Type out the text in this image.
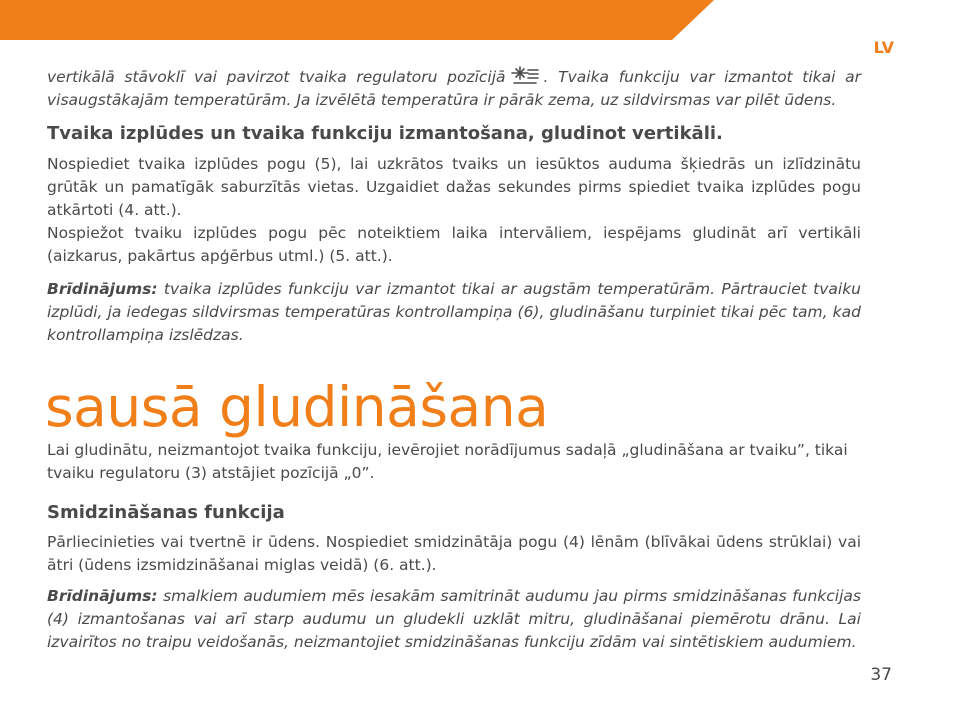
LV

vertikālā stāvoklī vai pavirzot tvaika regulatoru pozīcijā . Tvaika funkciju var izmantot tikai ar visaugstākajām temperatūrām. Ja izvēlētā temperatūra ir pārāk zema, uz sildvirsmas var pilēt ūdens.

Tvaika izplūdes un tvaika funkciju izmantošana, gludinot vertikāli.

Nospiediet tvaika izplūdes pogu (5), lai uzkrātos tvaiks un iesūktos auduma šķiedrās un izlīdzinātu grūtāk un pamatīgāk saburzītās vietas. Uzgaidiet dažas sekundes pirms spiediet tvaika izplūdes pogu atkārtoti (4. att.).

Nospiežot tvaiku izplūdes pogu pēc noteiktiem laika intervāliem, iespējams gludināt arī vertikāli (aizkarus, pakārtus apģērbus utml.) (5. att.).

Brīdinājums: tvaika izplūdes funkciju var izmantot tikai ar augstām temperatūrām. Pārtrauciet tvaiku izplūdi, ja iedegas sildvirsmas temperatūras kontrollampiņa (6), gludināšanu turpiniet tikai pēc tam, kad kontrollampiņa izslēdzas.

sausā gludināšana

Lai gludinātu, neizmantojot tvaika funkciju, ievērojiet norādījumus sadaļā „gludināšana ar tvaiku”, tikai tvaiku regulatoru (3) atstājiet pozīcijā „0”.

Smidzināšanas funkcija

Pārliecinieties vai tvertnē ir ūdens. Nospiediet smidzinātāja pogu (4) lēnām (blīvākai ūdens strūklai) vai ātri (ūdens izsmidzināšanai miglas veidā) (6. att.).

Brīdinājums: smalkiem audumiem mēs iesakām samitrināt audumu jau pirms smidzināšanas funkcijas (4) izmantošanas vai arī starp audumu un gludekli uzklāt mitru, gludināšanai piemērotu drānu. Lai izvairītos no traipu veidošanās, neizmantojiet smidzināšanas funkciju zīdām vai sintētiskiem audumiem.

37
